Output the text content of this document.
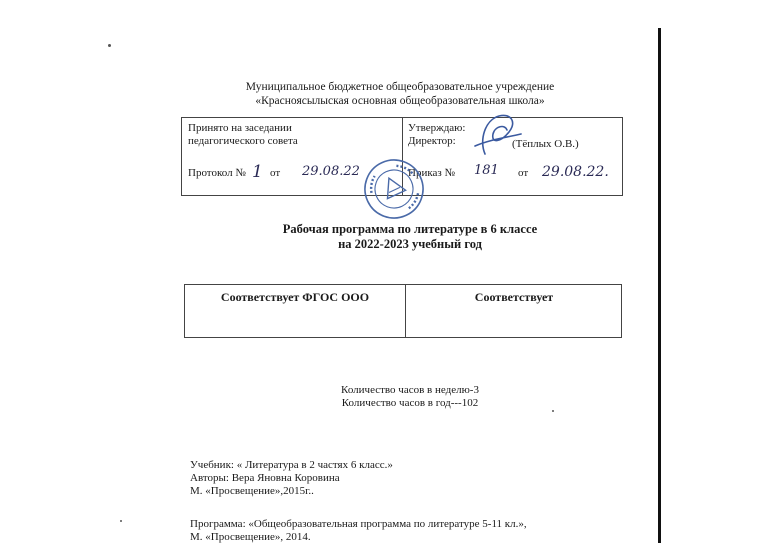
Муниципальное бюджетное общеобразовательное учреждение
«Красноясылыская основная общеобразовательная школа»
Принято на заседании
педагогического совета
Протокол № 1 от 29.08.22
Утверждаю:
Директор:	(Тёплых О.В.)
Приказ № 181 от 29.08.22.
Рабочая программа по литературе в 6 классе
на 2022-2023 учебный год
Соответствует ФГОС ООО	Соответствует
Количество часов в неделю-3
Количество часов в год---102
Учебник: « Литература в 2 частях 6 класс.»
Авторы: Вера Яновна Коровина
М. «Просвещение»,2015г..
Программа: «Общеобразовательная программа по литературе 5-11 кл.»,
М. «Просвещение», 2014.
